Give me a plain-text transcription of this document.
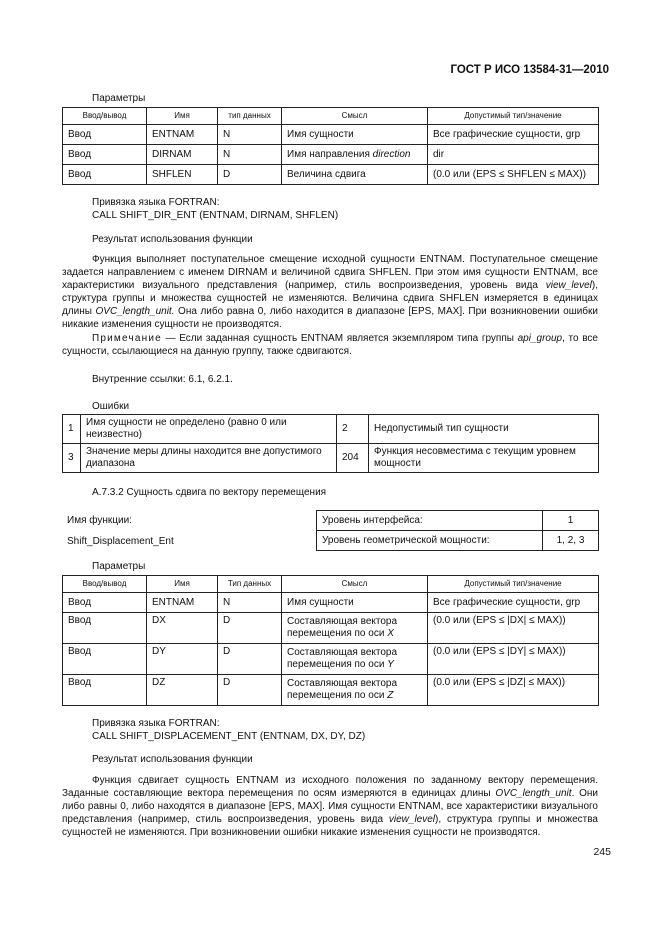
ГОСТ Р ИСО 13584-31—2010
Параметры
Ввод/вывод	Имя	тип данных	Смысл	Допустимый тип/значение
Ввод	ENTNAM	N	Имя сущности	Все графические сущности, grp
Ввод	DIRNAM	N	Имя направления direction	dir
Ввод	SHFLEN	D	Величина сдвига	(0.0 или (EPS ≤ SHFLEN ≤ MAX))
Привязка языка FORTRAN:
CALL SHIFT_DIR_ENT (ENTNAM, DIRNAM, SHFLEN)
Результат использования функции
Функция выполняет поступательное смещение исходной сущности ENTNAM. Поступательное смещение задается направлением с именем DIRNAM и величиной сдвига SHFLEN. При этом имя сущности ENTNAM, все характеристики визуального представления (например, стиль воспроизведения, уровень вида view_level), структура группы и множества сущностей не изменяются. Величина сдвига SHFLEN измеряется в единицах длины OVC_length_unit. Она либо равна 0, либо находится в диапазоне [EPS, MAX]. При возникновении ошибки никакие изменения сущности не производятся.
Примечание — Если заданная сущность ENTNAM является экземпляром типа группы api_group, то все сущности, ссылающиеся на данную группу, также сдвигаются.
Внутренние ссылки: 6.1, 6.2.1.
Ошибки
1	Имя сущности не определено (равно 0 или неизвестно)	2	Недопустимый тип сущности
3	Значение меры длины находится вне допустимого диапазона	204	Функция несовместима с текущим уровнем мощности
А.7.3.2 Сущность сдвига по вектору перемещения
Имя функции:
Shift_Displacement_Ent
Уровень интерфейса:	1
Уровень геометрической мощности:	1, 2, 3
Параметры
Ввод/вывод	Имя	Тип данных	Смысл	Допустимый тип/значение
Ввод	ENTNAM	N	Имя сущности	Все графические сущности, grp
Ввод	DX	D	Составляющая вектора перемещения по оси X	(0.0 или (EPS ≤ |DX| ≤ MAX))
Ввод	DY	D	Составляющая вектора перемещения по оси Y	(0.0 или (EPS ≤ |DY| ≤ MAX))
Ввод	DZ	D	Составляющая вектора перемещения по оси Z	(0.0 или (EPS ≤ |DZ| ≤ MAX))
Привязка языка FORTRAN:
CALL SHIFT_DISPLACEMENT_ENT (ENTNAM, DX, DY, DZ)
Результат использования функции
Функция сдвигает сущность ENTNAM из исходного положения по заданному вектору перемещения. Заданные составляющие вектора перемещения по осям измеряются в единицах длины OVC_length_unit. Они либо равны 0, либо находятся в диапазоне [EPS, MAX]. Имя сущности ENTNAM, все характеристики визуального представления (например, стиль воспроизведения, уровень вида view_level), структура группы и множества сущностей не изменяются. При возникновении ошибки никакие изменения сущности не производятся.
245
